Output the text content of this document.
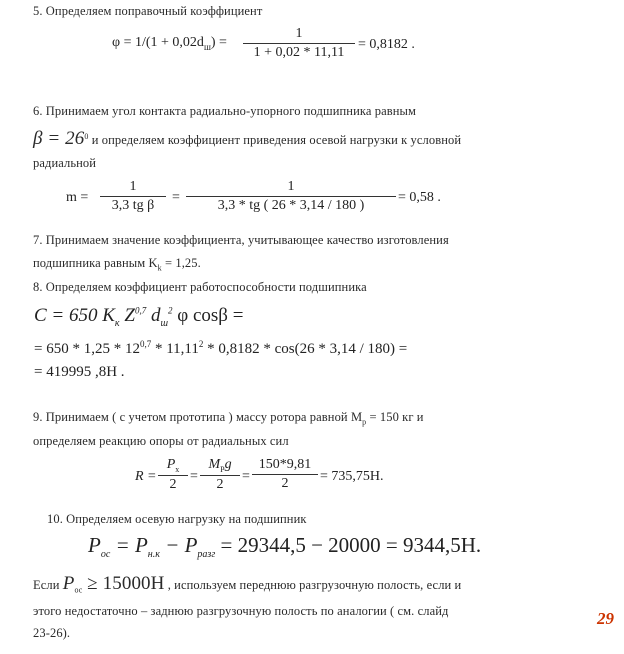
5. Определяем поправочный коэффициент
$\varphi = 1/(1 + 0,02d_ш) = \frac{1}{1 + 0,02 * 11,11} = 0,8182$ .
6. Принимаем угол контакта радиально-упорного подшипника равным
$\beta = 26^0$ и определяем коэффициент приведения осевой нагрузки к условной
радиальной
$m = \frac{1}{\text{3,3 tg β}} = \frac{1}{3,3 * tg ( 26 * 3,14 / 180 )} = 0,58$ .
7. Принимаем значение коэффициента, учитывающее качество изготовления
подшипника равным $K_k = 1,25$.
8. Определяем коэффициент работоспособности подшипника
C = 650 $K_к$ Z$^{0,7}$ $d_ш^2$ φ cosβ =
= 650 * 1,25 * 12$^{0,7}$ * 11,11$^2$ * 0,8182 * cos(26 * 3,14 / 180) =
= 419995 ,8H .
9. Принимаем ( с учетом прототипа ) массу ротора равной $M_р = 150$ кг и
определяем реакцию опоры от радиальных сил
$R = \frac{P_x}{2}$ =
$M_Pg$
2
= $\frac{150*9,81}{2} = 735,75H$.
10. Определяем осевую нагрузку на подшипник
$P_{ос} = P_{н.к} - P_{разг} = 29344,5 - 20000 = 9344,5H$.
Если $P_{ос} \ge 15000H$ , используем переднюю разгрузочную полость, если и
этого недостаточно – заднюю разгрузочную полость по аналогии ( см. слайд
23-26).
29
